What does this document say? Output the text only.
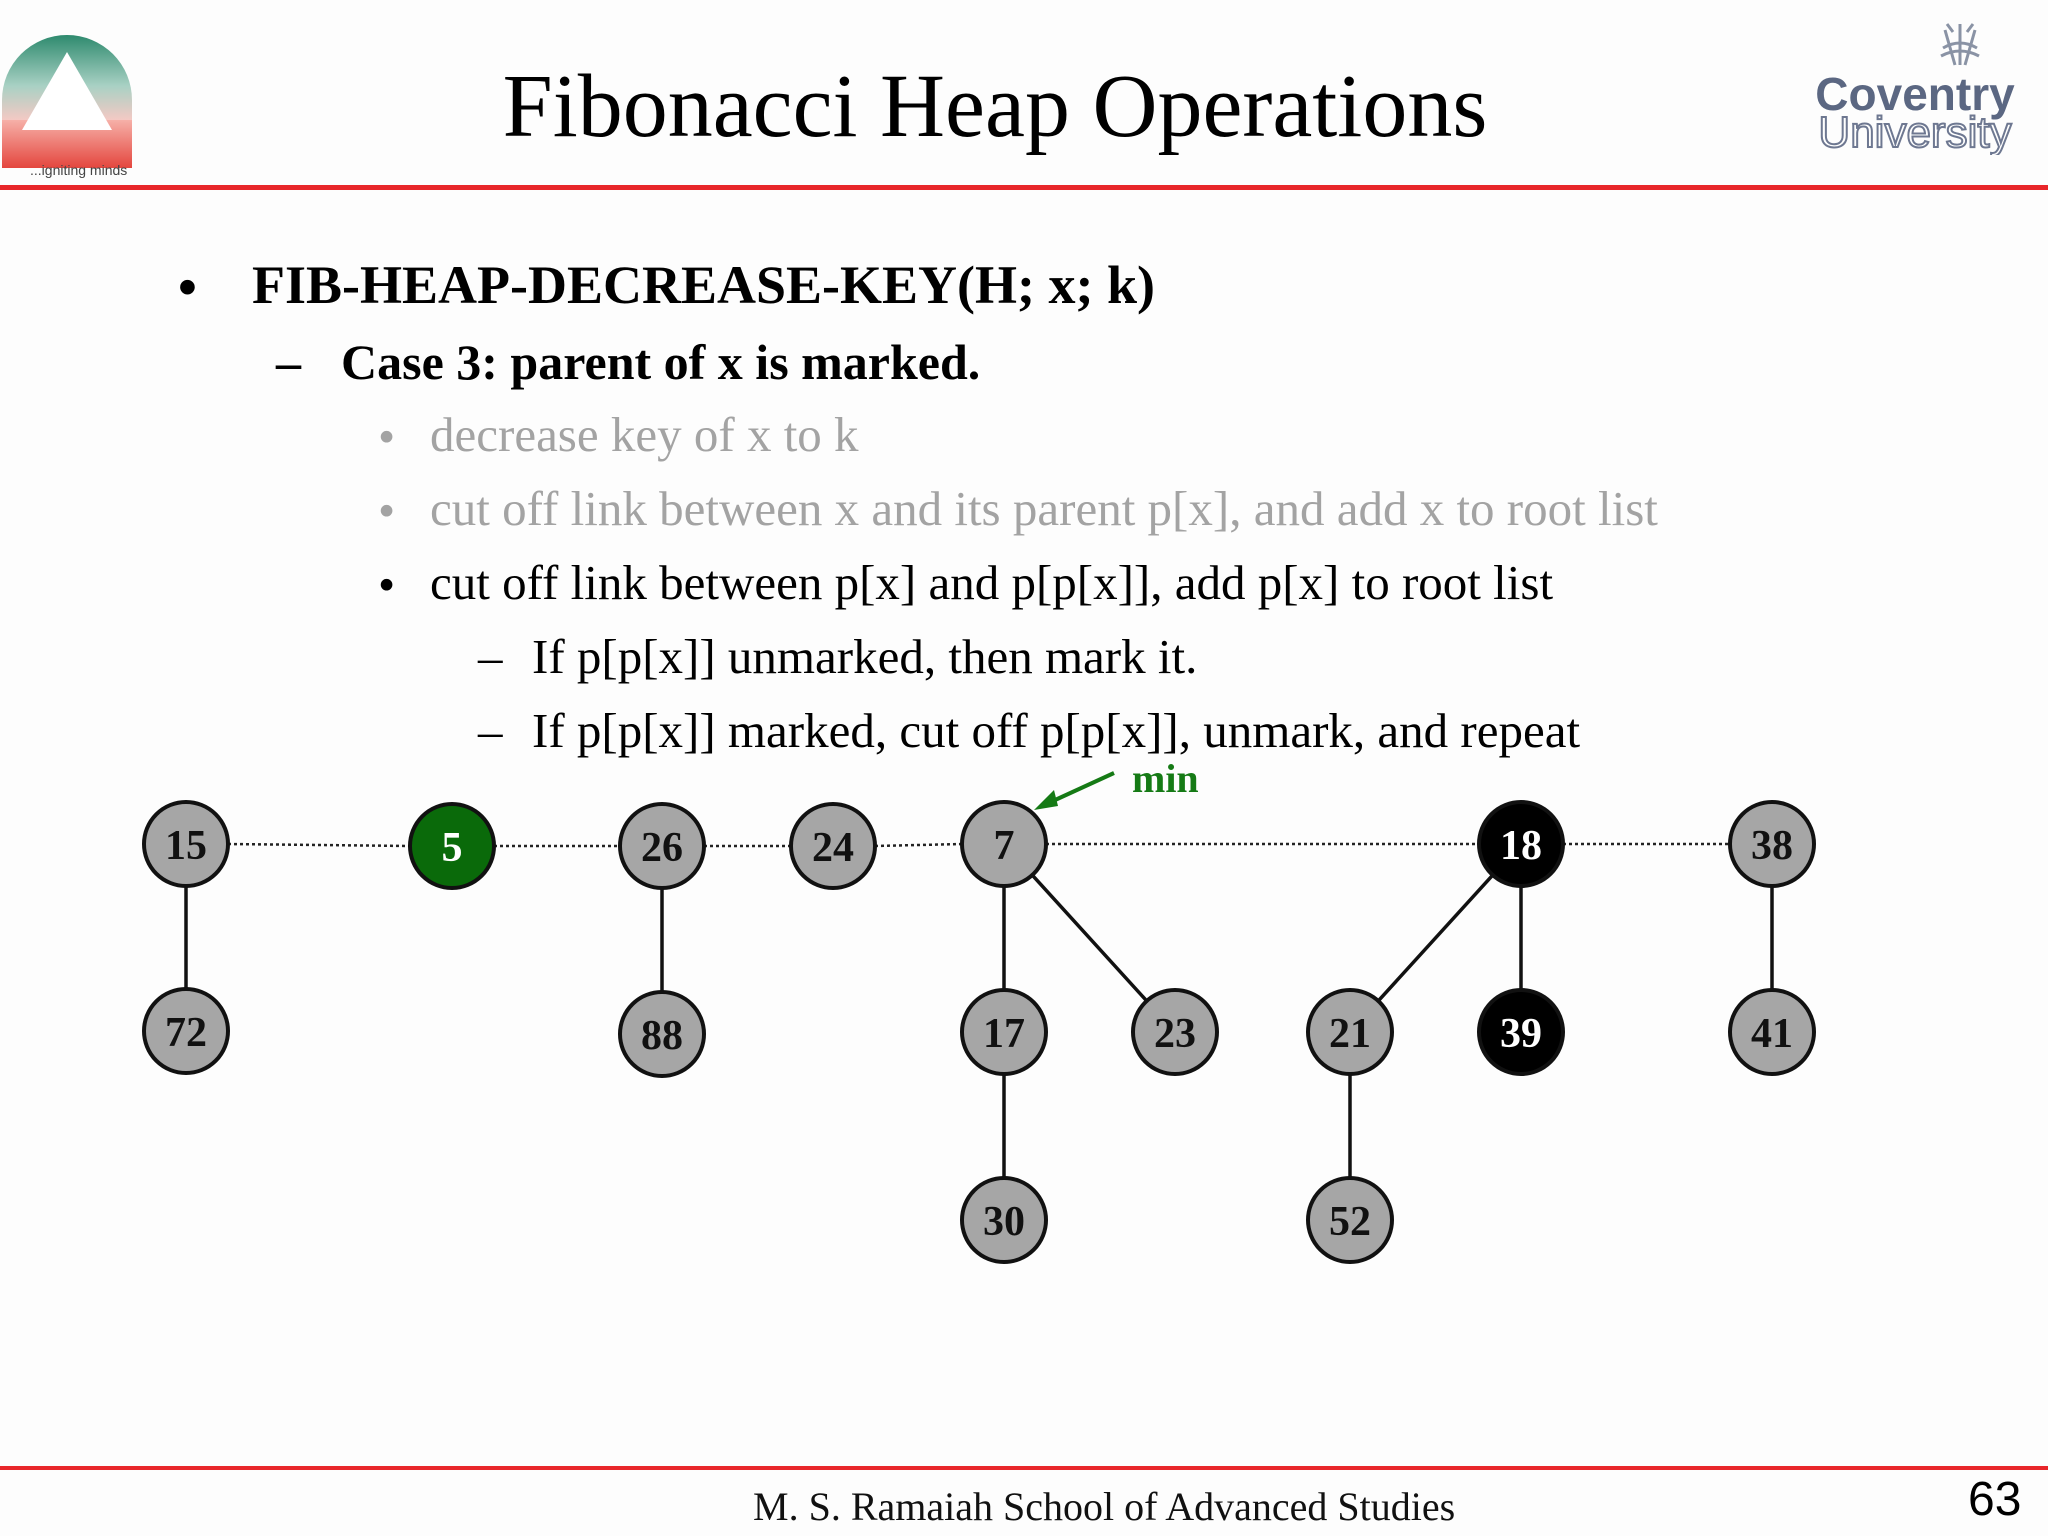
...igniting minds
Fibonacci Heap Operations	Coventry
University
• FIB-HEAP-DECREASE-KEY(H; x; k)
– Case 3: parent of x is marked.
• decrease key of x to k
• cut off link between x and its parent p[x], and add x to root list
• cut off link between p[x] and p[p[x]], add p[x] to root list
– If p[p[x]] unmarked, then mark it.
– If p[p[x]] marked, cut off p[p[x]], unmark, and repeat
15	5	26	24	7	18	38
72	88	17	23	21	39	41
30	52
min
M. S. Ramaiah School of Advanced Studies	63
